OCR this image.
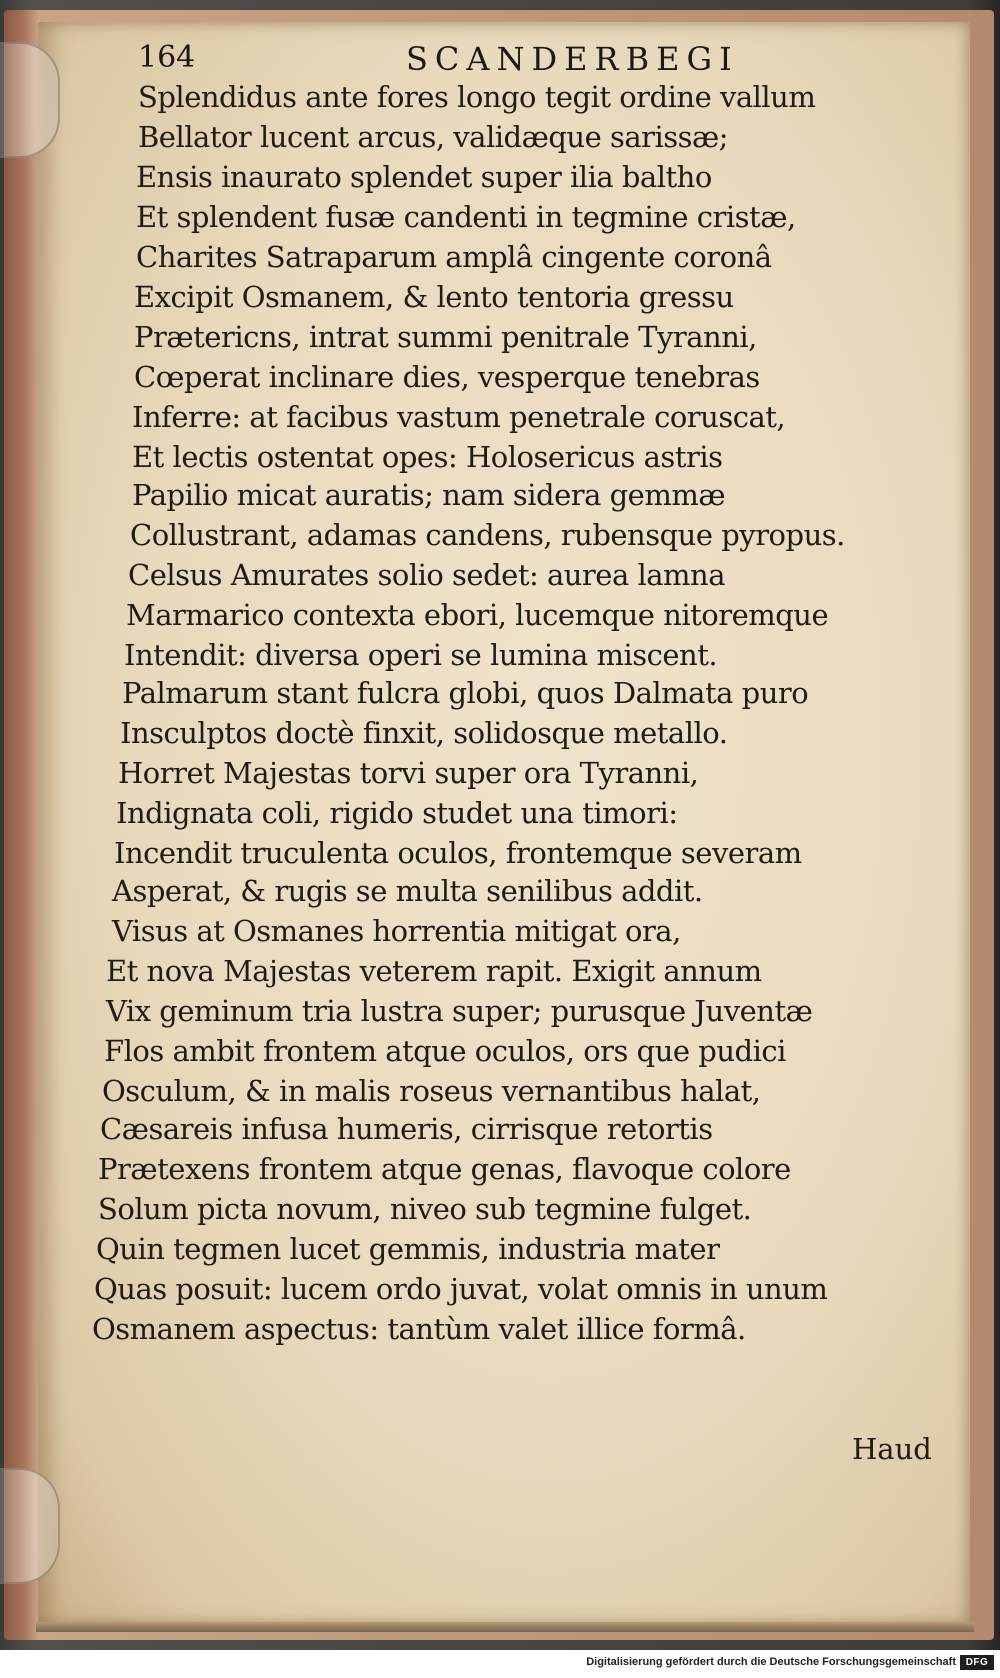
164	SCANDERBEGI
Splendidus ante fores longo tegit ordine vallum
Bellator lucent arcus, validæque sarissæ;
Ensis inaurato splendet super ilia baltho
Et splendent fusæ candenti in tegmine cristæ,
Charites Satraparum amplâ cingente coronâ
Excipit Osmanem, & lento tentoria gressu
Prætericns, intrat summi penitrale Tyranni,
Cœperat inclinare dies, vesperque tenebras
Inferre: at facibus vastum penetrale coruscat,
Et lectis ostentat opes: Holosericus astris
Papilio micat auratis; nam sidera gemmæ
Collustrant, adamas candens, rubensque pyropus.
Celsus Amurates solio sedet: aurea lamna
Marmarico contexta ebori, lucemque nitoremque
Intendit: diversa operi se lumina miscent.
Palmarum stant fulcra globi, quos Dalmata puro
Insculptos doctè finxit, solidosque metallo.
Horret Majestas torvi super ora Tyranni,
Indignata coli, rigido studet una timori:
Incendit truculenta oculos, frontemque severam
Asperat, & rugis se multa senilibus addit.
Visus at Osmanes horrentia mitigat ora,
Et nova Majestas veterem rapit. Exigit annum
Vix geminum tria lustra super; purusque Juventæ
Flos ambit frontem atque oculos, ors que pudici
Osculum, & in malis roseus vernantibus halat,
Cæsareis infusa humeris, cirrisque retortis
Prætexens frontem atque genas, flavoque colore
Solum picta novum, niveo sub tegmine fulget.
Quin tegmen lucet gemmis, industria mater
Quas posuit: lucem ordo juvat, volat omnis in unum
Osmanem aspectus: tantùm valet illice formâ.
Haud
Digitalisierung gefördert durch die Deutsche Forschungsgemeinschaft DFG
